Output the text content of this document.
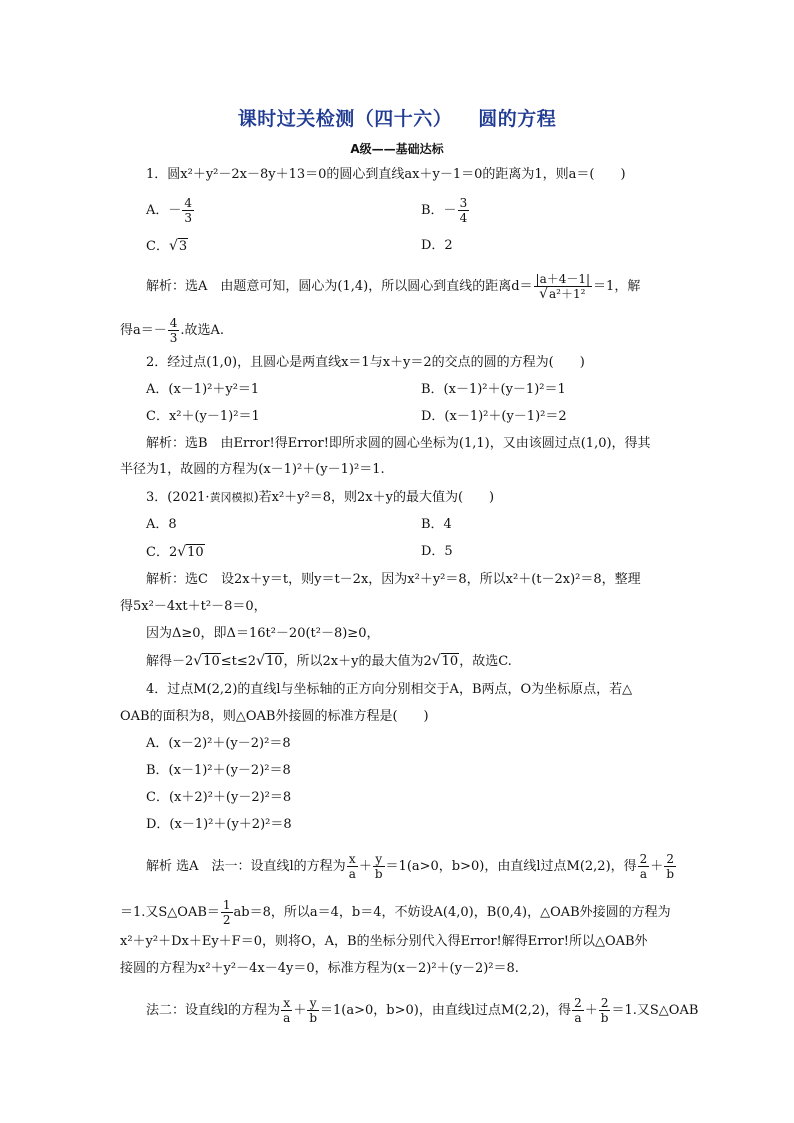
课时过关检测（四十六） 圆的方程
A级——基础达标
1．圆x²＋y²－2x－8y＋13＝0的圆心到直线ax＋y－1＝0的距离为1，则a＝(　　)
A．－ $\frac{4}{3}$	B．－ $\frac{3}{4}$
C．√3	D．2
解析：选A　由题意可知，圆心为(1,4)，所以圆心到直线的距离$d= \frac{|a+4-1|}{\text{√a²＋1²}} =1$，解
得$a=- \frac{4}{3}$ .故选A.
2．经过点(1,0)，且圆心是两直线x＝1与x＋y＝2的交点的圆的方程为(　　)
A．(x－1)²＋y²＝1	B．(x－1)²＋(y－1)²＝1
C．x²＋(y－1)²＝1	D．(x－1)²＋(y－1)²＝2
解析：选B　由Error!得Error!即所求圆的圆心坐标为(1,1)，又由该圆过点(1,0)，得其
半径为1，故圆的方程为(x－1)²＋(y－1)²＝1.
3．(2021·黄冈模拟)若x²＋y²＝8，则2x＋y的最大值为(　　)
A．8	B．4
C．2√10	D．5
解析：选C　设2x＋y＝t，则y＝t－2x，因为x²＋y²＝8，所以x²＋(t－2x)²＝8，整理
得5x²－4xt＋t²－8＝0，
因为Δ≥0，即Δ＝16t²－20(t²－8)≥0，
解得－2√10≤t≤2√10，所以2x＋y的最大值为2√10，故选C.
4．过点M(2,2)的直线l与坐标轴的正方向分别相交于A，B两点，O为坐标原点，若△
OAB的面积为8，则△OAB外接圆的标准方程是(　　)
A．(x－2)²＋(y－2)²＝8
B．(x－1)²＋(y－2)²＝8
C．(x＋2)²＋(y－2)²＝8
D．(x－1)²＋(y＋2)²＝8
解析 选A　法一：设直线l的方程为 $\frac{x}{a} + \frac{y}{b} =1(a>0$，b>0)，由直线l过点M(2,2)，得 $\frac{2}{a} + \frac{2}{b}$
＝1.又S△OAB＝ $\frac{1}{2} ab=8$，所以a＝4，b＝4，不妨设A(4,0)，B(0,4)，△OAB外接圆的方程为
x²＋y²＋Dx＋Ey＋F＝0，则将O，A，B的坐标分别代入得Error!解得Error!所以△OAB外
接圆的方程为x²＋y²－4x－4y＝0，标准方程为(x－2)²＋(y－2)²＝8.
法二：设直线l的方程为 $\frac{x}{a} + \frac{y}{b} =1(a>0$，b>0)，由直线l过点M(2,2)，得 $\frac{2}{a} + \frac{2}{b} =1$.又S△OAB
